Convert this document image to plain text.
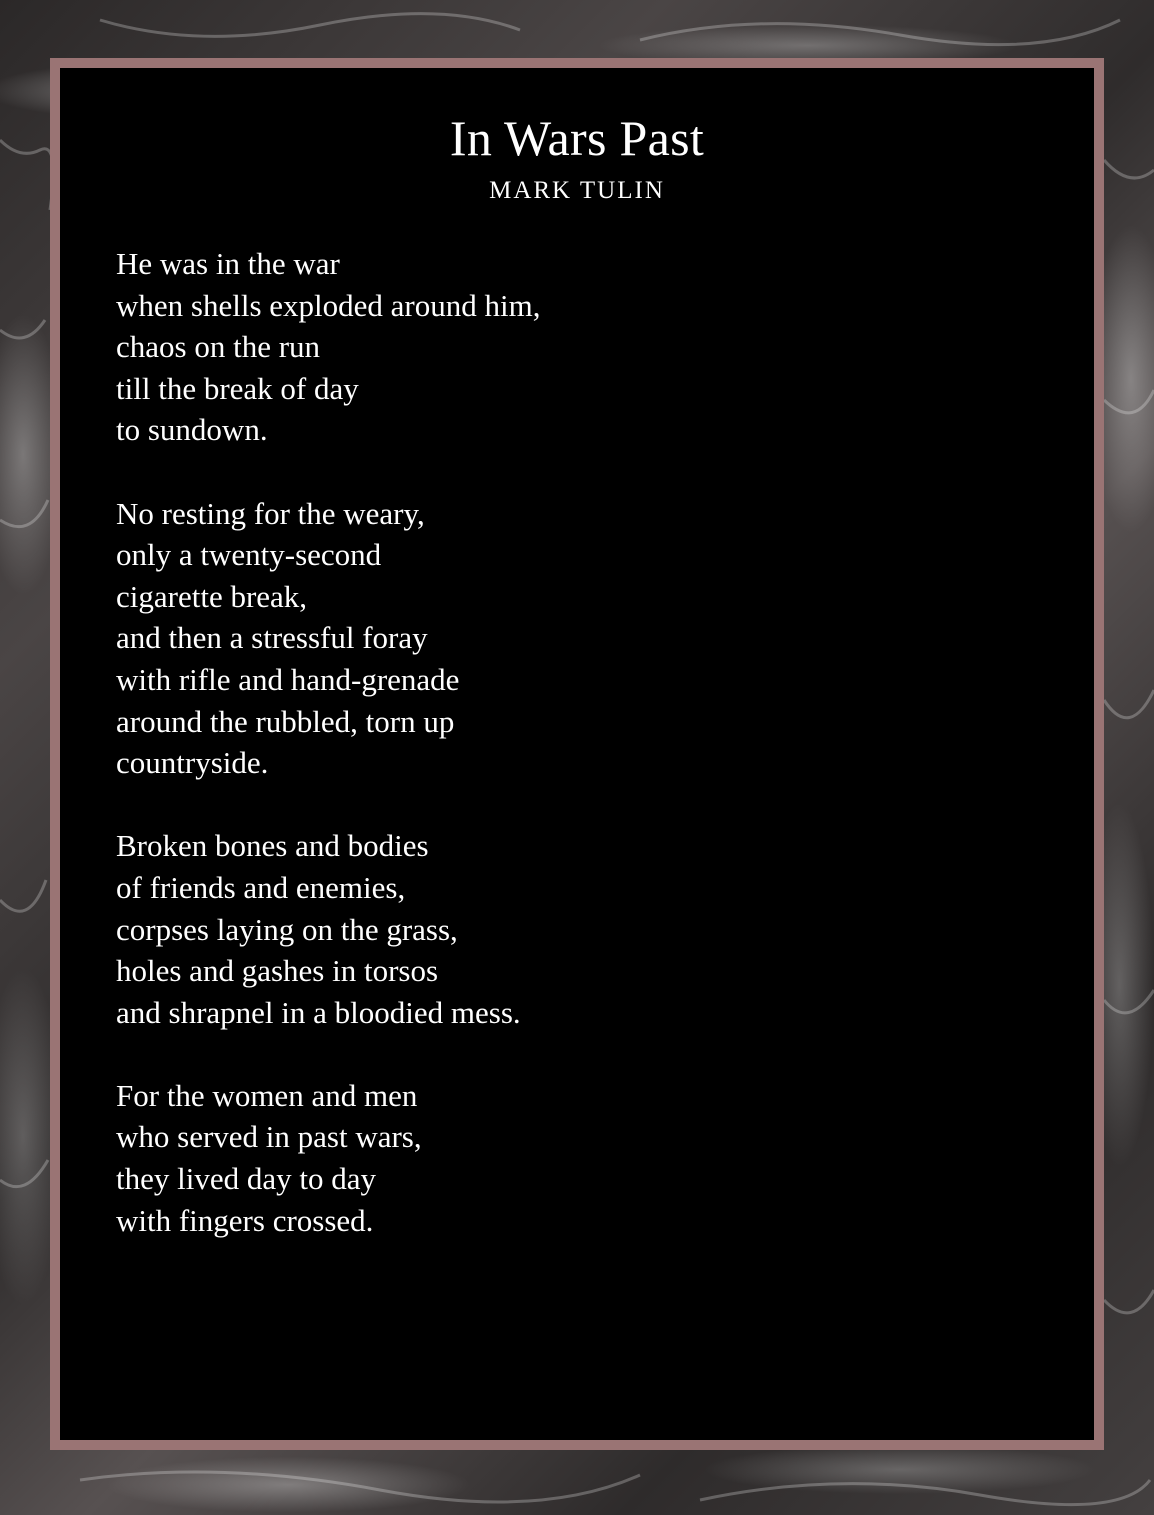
In Wars Past
MARK TULIN

He was in the war
when shells exploded around him,
chaos on the run
till the break of day
to sundown.

No resting for the weary,
only a twenty-second
cigarette break,
and then a stressful foray
with rifle and hand-grenade
around the rubbled, torn up
countryside.

Broken bones and bodies
of friends and enemies,
corpses laying on the grass,
holes and gashes in torsos
and shrapnel in a bloodied mess.

For the women and men
who served in past wars,
they lived day to day
with fingers crossed.
